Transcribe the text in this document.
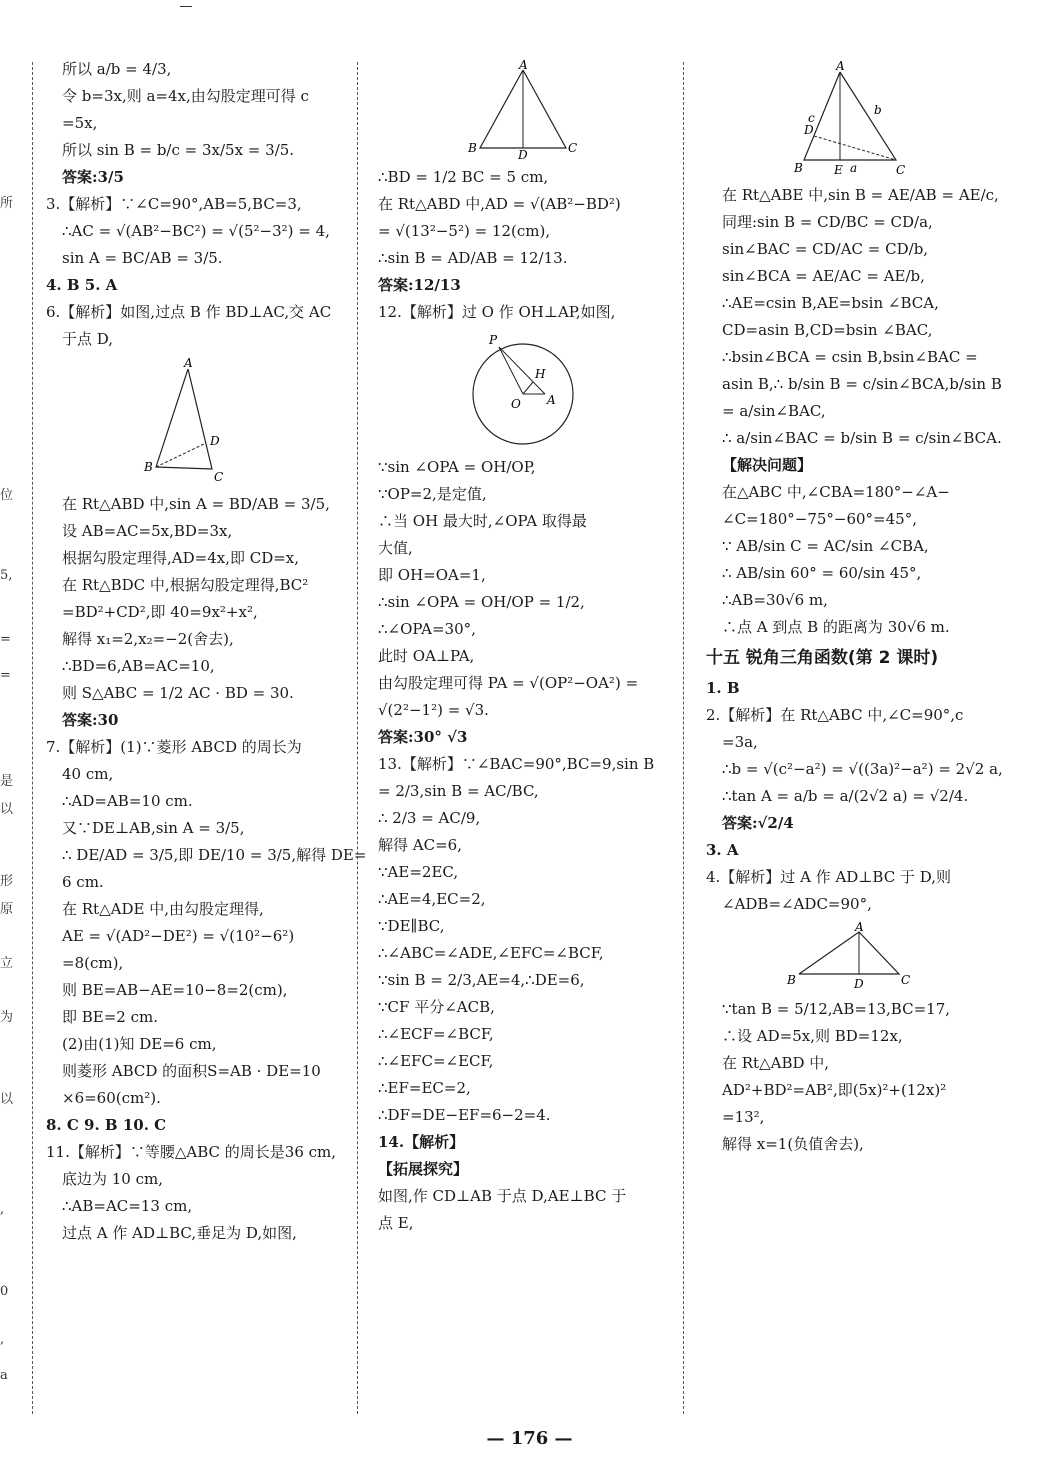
所
位
5,
=
=
是
以
形
原
立
为
以
,
0
,
a
所以 a/b = 4/3,
令 b=3x,则 a=4x,由勾股定理可得 c
=5x,
所以 sin B = b/c = 3x/5x = 3/5.
答案:3/5
3.【解析】∵∠C=90°,AB=5,BC=3,
∴AC = √(AB²−BC²) = √(5²−3²) = 4,
sin A = BC/AB = 3/5.
4. B 5. A
6.【解析】如图,过点 B 作 BD⊥AC,交 AC
于点 D,
A
B
C
D
在 Rt△ABD 中,sin A = BD/AB = 3/5,
设 AB=AC=5x,BD=3x,
根据勾股定理得,AD=4x,即 CD=x,
在 Rt△BDC 中,根据勾股定理得,BC²
=BD²+CD²,即 40=9x²+x²,
解得 x₁=2,x₂=−2(舍去),
∴BD=6,AB=AC=10,
则 S△ABC = 1/2 AC · BD = 30.
答案:30
7.【解析】(1)∵菱形 ABCD 的周长为
40 cm,
∴AD=AB=10 cm.
又∵DE⊥AB,sin A = 3/5,
∴ DE/AD = 3/5,即 DE/10 = 3/5,解得 DE=
6 cm.
在 Rt△ADE 中,由勾股定理得,
AE = √(AD²−DE²) = √(10²−6²)
=8(cm),
则 BE=AB−AE=10−8=2(cm),
即 BE=2 cm.
(2)由(1)知 DE=6 cm,
则菱形 ABCD 的面积S=AB · DE=10
×6=60(cm²).
8. C 9. B 10. C
11.【解析】∵等腰△ABC 的周长是36 cm,
底边为 10 cm,
∴AB=AC=13 cm,
过点 A 作 AD⊥BC,垂足为 D,如图,
A
B	D	C
∴BD = 1/2 BC = 5 cm,
在 Rt△ABD 中,AD = √(AB²−BD²)
= √(13²−5²) = 12(cm),
∴sin B = AD/AB = 12/13.
答案:12/13
12.【解析】过 O 作 OH⊥AP,如图,
P
H
O A
∵sin ∠OPA = OH/OP,
∵OP=2,是定值,
∴当 OH 最大时,∠OPA 取得最
大值,
即 OH=OA=1,
∴sin ∠OPA = OH/OP = 1/2,
∴∠OPA=30°,
此时 OA⊥PA,
由勾股定理可得 PA = √(OP²−OA²) =
√(2²−1²) = √3.
答案:30° √3
13.【解析】∵∠BAC=90°,BC=9,sin B
= 2/3,sin B = AC/BC,
∴ 2/3 = AC/9,
解得 AC=6,
∵AE=2EC,
∴AE=4,EC=2,
∵DE∥BC,
∴∠ABC=∠ADE,∠EFC=∠BCF,
∵sin B = 2/3,AE=4,∴DE=6,
∵CF 平分∠ACB,
∴∠ECF=∠BCF,
∴∠EFC=∠ECF,
∴EF=EC=2,
∴DF=DE−EF=6−2=4.
14.【解析】
【拓展探究】
如图,作 CD⊥AB 于点 D,AE⊥BC 于
点 E,
A
c
b
D
B	E a	C
在 Rt△ABE 中,sin B = AE/AB = AE/c,
同理:sin B = CD/BC = CD/a,
sin∠BAC = CD/AC = CD/b,
sin∠BCA = AE/AC = AE/b,
∴AE=csin B,AE=bsin ∠BCA,
CD=asin B,CD=bsin ∠BAC,
∴bsin∠BCA = csin B,bsin∠BAC =
asin B,∴ b/sin B = c/sin∠BCA,b/sin B
= a/sin∠BAC,
∴ a/sin∠BAC = b/sin B = c/sin∠BCA.
【解决问题】
在△ABC 中,∠CBA=180°−∠A−
∠C=180°−75°−60°=45°,
∵ AB/sin C = AC/sin ∠CBA,
∴ AB/sin 60° = 60/sin 45°,
∴AB=30√6 m,
∴点 A 到点 B 的距离为 30√6 m.
十五 锐角三角函数(第 2 课时)
1. B
2.【解析】在 Rt△ABC 中,∠C=90°,c
=3a,
∴b = √(c²−a²) = √((3a)²−a²) = 2√2 a,
∴tan A = a/b = a/(2√2 a) = √2/4.
答案:√2/4
3. A
4.【解析】过 A 作 AD⊥BC 于 D,则
∠ADB=∠ADC=90°,
A
B	D	C
∵tan B = 5/12,AB=13,BC=17,
∴设 AD=5x,则 BD=12x,
在 Rt△ABD 中,
AD²+BD²=AB²,即(5x)²+(12x)²
=13²,
解得 x=1(负值舍去),
— 176 —
